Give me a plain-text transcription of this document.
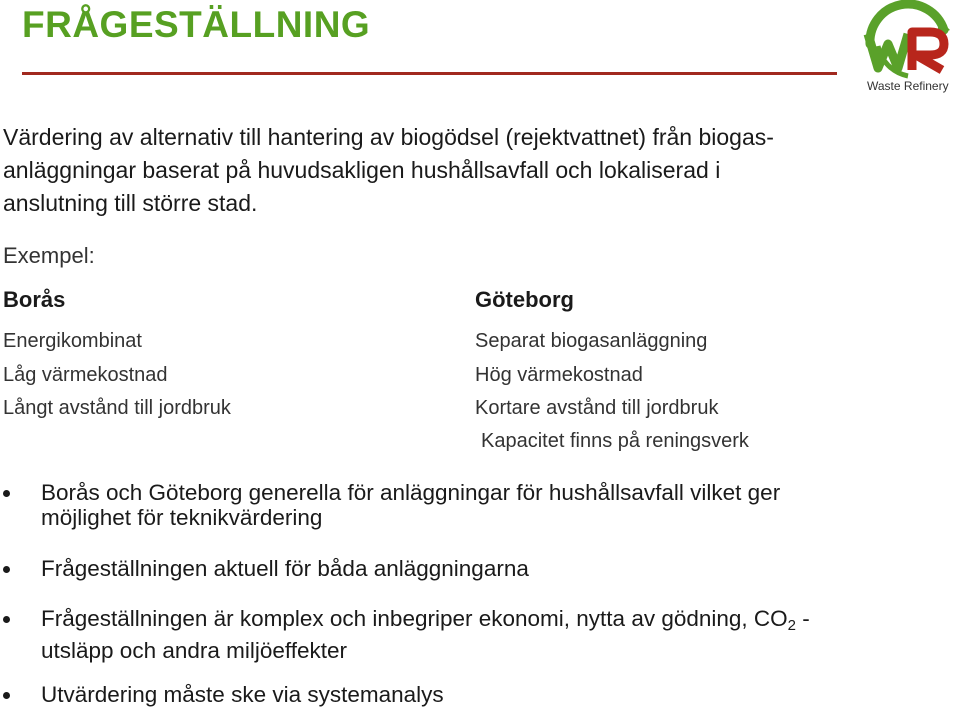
FRÅGESTÄLLNING
Waste Refinery
Värdering av alternativ till hantering av biogödsel (rejektvattnet) från biogas-
anläggningar baserat på huvudsakligen hushållsavfall och lokaliserad i
anslutning till större stad.
Exempel:
Borås
Energikombinat
Låg värmekostnad
Långt avstånd till jordbruk
Göteborg
Separat biogasanläggning
Hög värmekostnad
Kortare avstånd till jordbruk
Kapacitet finns på reningsverk
Borås och Göteborg generella för anläggningar för hushållsavfall vilket ger
möjlighet för teknikvärdering
Frågeställningen aktuell för båda anläggningarna
Frågeställningen är komplex och inbegriper ekonomi, nytta av gödning, $CO_2$ -
utsläpp och andra miljöeffekter
Utvärdering måste ske via systemanalys
